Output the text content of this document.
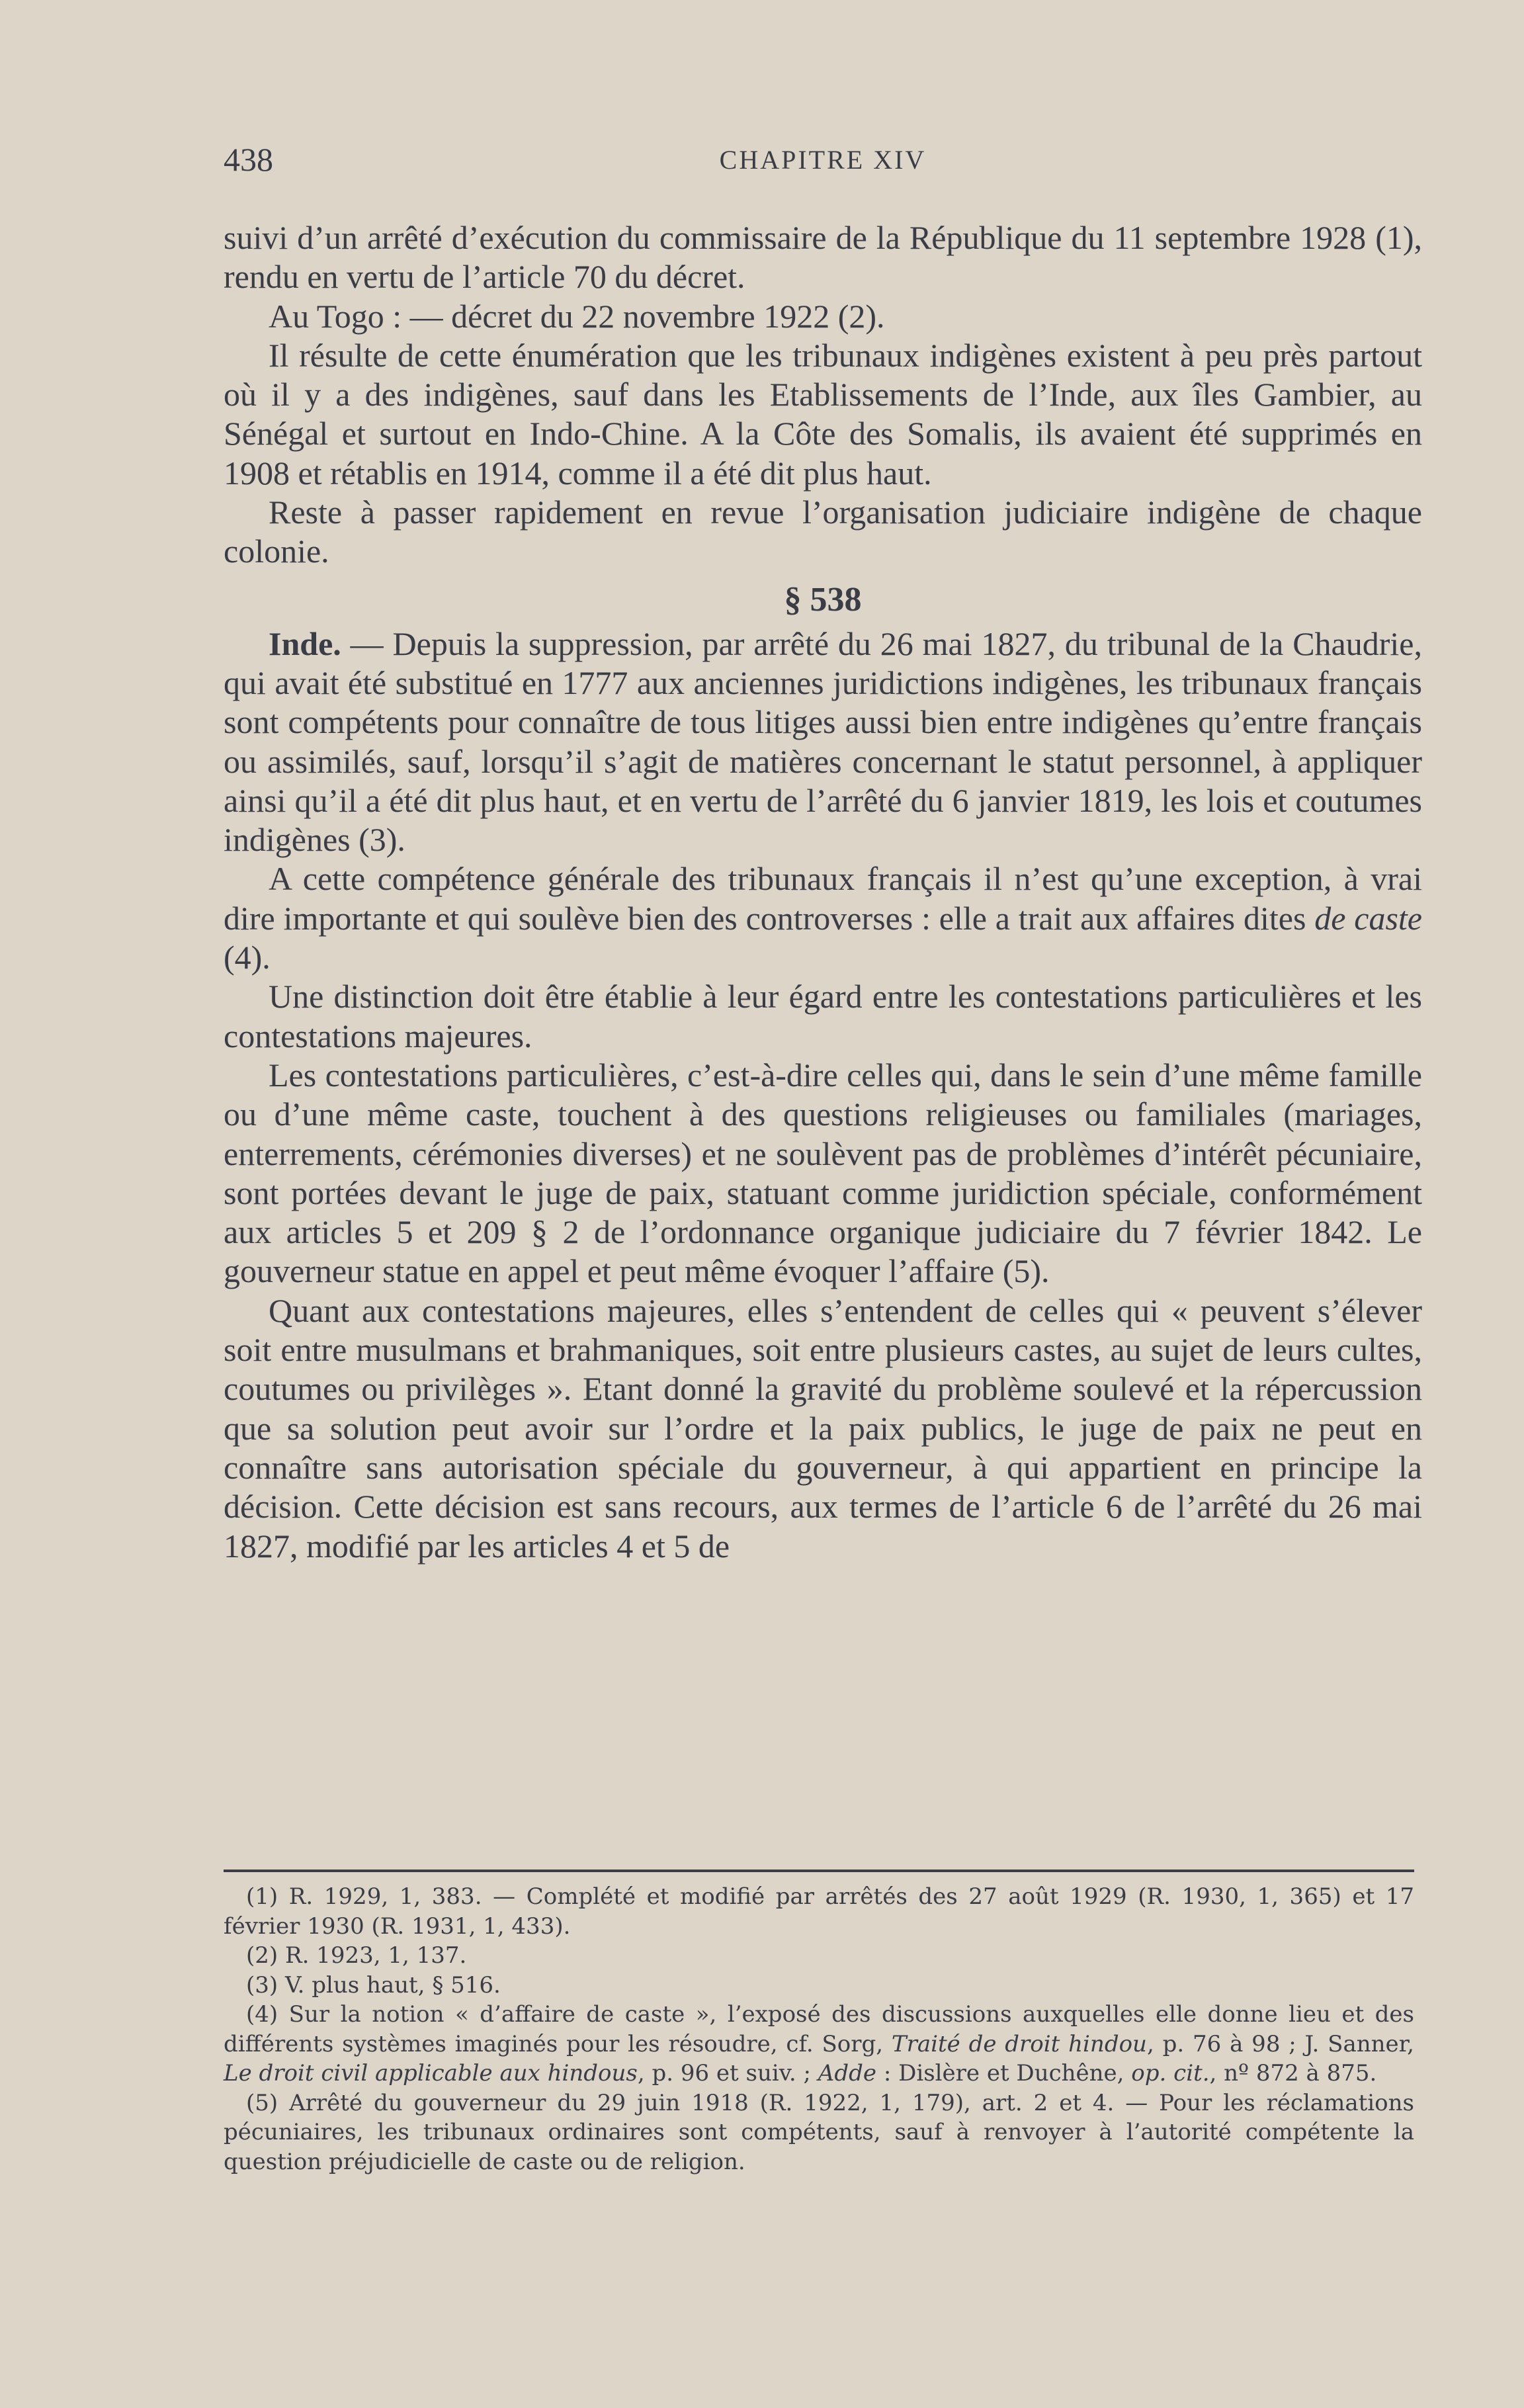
438	CHAPITRE XIV

suivi d’un arrêté d’exécution du commissaire de la République du 11 septembre 1928 (1), rendu en vertu de l’article 70 du décret.

Au Togo : — décret du 22 novembre 1922 (2).

Il résulte de cette énumération que les tribunaux indigènes existent à peu près partout où il y a des indigènes, sauf dans les Etablissements de l’Inde, aux îles Gambier, au Sénégal et surtout en Indo-Chine. A la Côte des Somalis, ils avaient été supprimés en 1908 et rétablis en 1914, comme il a été dit plus haut.

Reste à passer rapidement en revue l’organisation judiciaire indigène de chaque colonie.

§ 538

Inde. — Depuis la suppression, par arrêté du 26 mai 1827, du tribunal de la Chaudrie, qui avait été substitué en 1777 aux anciennes juridictions indigènes, les tribunaux français sont compétents pour connaître de tous litiges aussi bien entre indigènes qu’entre français ou assimilés, sauf, lorsqu’il s’agit de matières concernant le statut personnel, à appliquer ainsi qu’il a été dit plus haut, et en vertu de l’arrêté du 6 janvier 1819, les lois et coutumes indigènes (3).

A cette compétence générale des tribunaux français il n’est qu’une exception, à vrai dire importante et qui soulève bien des controverses : elle a trait aux affaires dites de caste (4).

Une distinction doit être établie à leur égard entre les contestations particulières et les contestations majeures.

Les contestations particulières, c’est-à-dire celles qui, dans le sein d’une même famille ou d’une même caste, touchent à des questions religieuses ou familiales (mariages, enterrements, cérémonies diverses) et ne soulèvent pas de problèmes d’intérêt pécuniaire, sont portées devant le juge de paix, statuant comme juridiction spéciale, conformément aux articles 5 et 209 § 2 de l’ordonnance organique judiciaire du 7 février 1842. Le gouverneur statue en appel et peut même évoquer l’affaire (5).

Quant aux contestations majeures, elles s’entendent de celles qui « peuvent s’élever soit entre musulmans et brahmaniques, soit entre plusieurs castes, au sujet de leurs cultes, coutumes ou privilèges ». Etant donné la gravité du problème soulevé et la répercussion que sa solution peut avoir sur l’ordre et la paix publics, le juge de paix ne peut en connaître sans autorisation spéciale du gouverneur, à qui appartient en principe la décision. Cette décision est sans recours, aux termes de l’article 6 de l’arrêté du 26 mai 1827, modifié par les articles 4 et 5 de

(1) R. 1929, 1, 383. — Complété et modifié par arrêtés des 27 août 1929 (R. 1930, 1, 365) et 17 février 1930 (R. 1931, 1, 433).

(2) R. 1923, 1, 137.

(3) V. plus haut, § 516.

(4) Sur la notion « d’affaire de caste », l’exposé des discussions auxquelles elle donne lieu et des différents systèmes imaginés pour les résoudre, cf. Sorg, Traité de droit hindou, p. 76 à 98 ; J. Sanner, Le droit civil applicable aux hindous, p. 96 et suiv. ; Adde : Dislère et Duchêne, op. cit., nº 872 à 875.

(5) Arrêté du gouverneur du 29 juin 1918 (R. 1922, 1, 179), art. 2 et 4. — Pour les réclamations pécuniaires, les tribunaux ordinaires sont compétents, sauf à renvoyer à l’autorité compétente la question préjudicielle de caste ou de religion.
